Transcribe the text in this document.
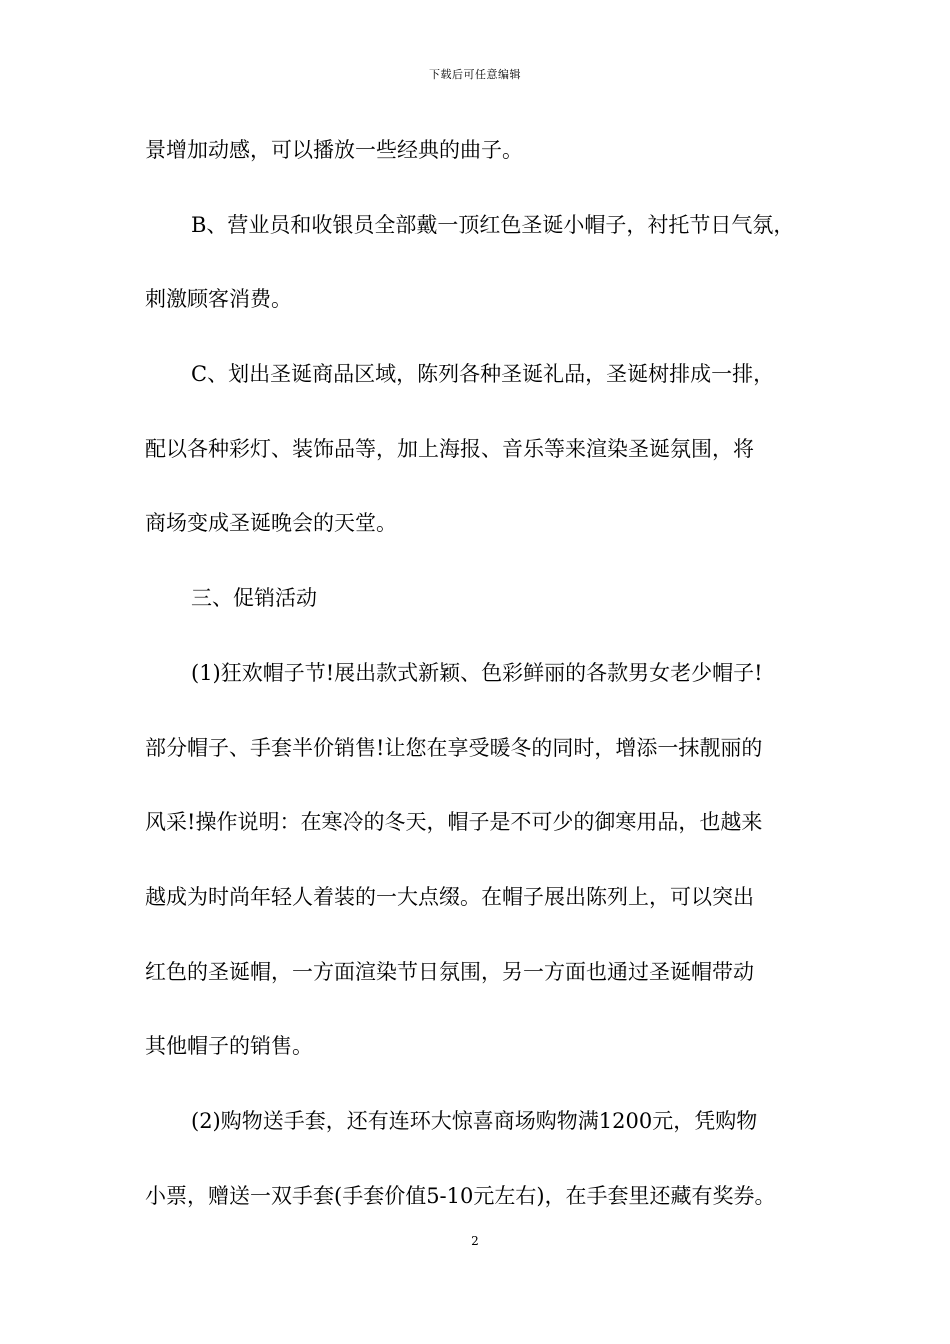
下载后可任意编辑
景增加动感，可以播放一些经典的曲子。
B、营业员和收银员全部戴一顶红色圣诞小帽子，衬托节日气氛，
刺激顾客消费。
C、划出圣诞商品区域，陈列各种圣诞礼品，圣诞树排成一排，
配以各种彩灯、装饰品等，加上海报、音乐等来渲染圣诞氛围，将
商场变成圣诞晚会的天堂。
三、促销活动
(1)狂欢帽子节!展出款式新颖、色彩鲜丽的各款男女老少帽子!
部分帽子、手套半价销售!让您在享受暖冬的同时，增添一抹靓丽的
风采!操作说明：在寒冷的冬天，帽子是不可少的御寒用品，也越来
越成为时尚年轻人着装的一大点缀。在帽子展出陈列上，可以突出
红色的圣诞帽，一方面渲染节日氛围，另一方面也通过圣诞帽带动
其他帽子的销售。
(2)购物送手套，还有连环大惊喜商场购物满1200元，凭购物
小票，赠送一双手套(手套价值5-10元左右)，在手套里还藏有奖券。
2
